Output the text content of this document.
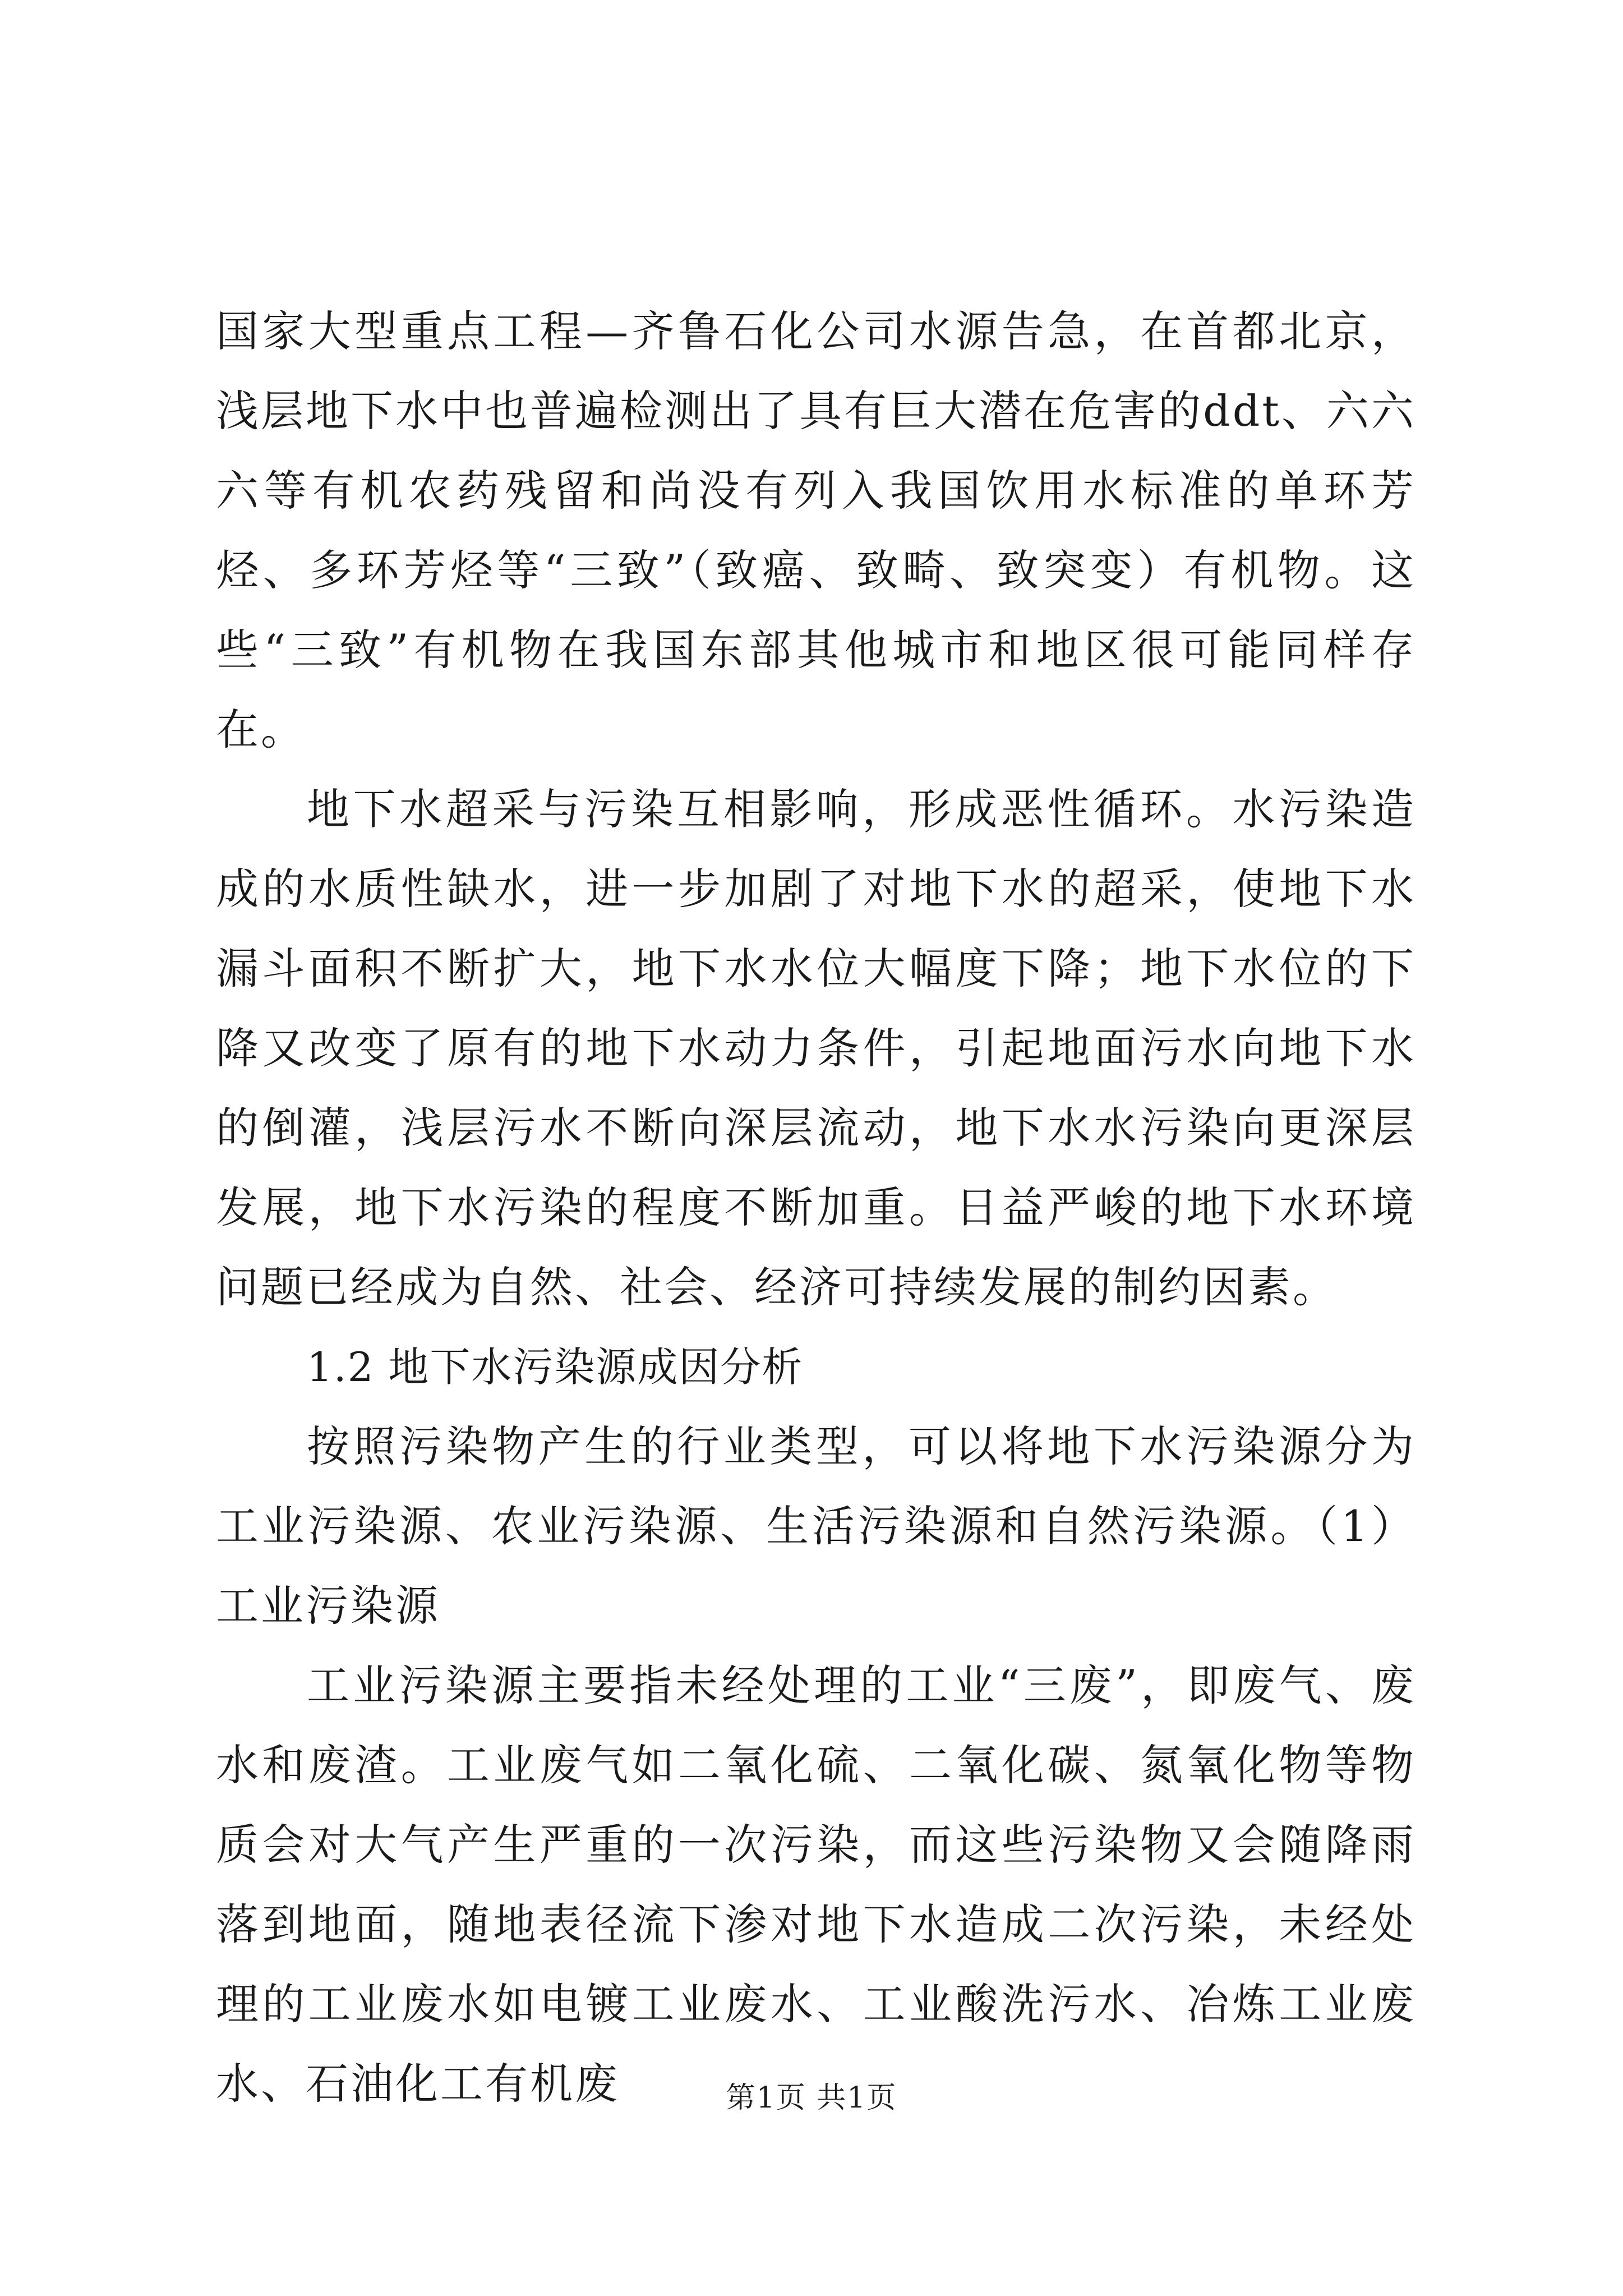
国家大型重点工程—齐鲁石化公司水源告急，在首都北京，浅层地下水中也普遍检测出了具有巨大潜在危害的ddt、六六六等有机农药残留和尚没有列入我国饮用水标准的单环芳烃、多环芳烃等“三致”（致癌、致畸、致突变）有机物。这些“三致”有机物在我国东部其他城市和地区很可能同样存在。

地下水超采与污染互相影响，形成恶性循环。水污染造成的水质性缺水，进一步加剧了对地下水的超采，使地下水漏斗面积不断扩大，地下水水位大幅度下降；地下水位的下降又改变了原有的地下水动力条件，引起地面污水向地下水的倒灌，浅层污水不断向深层流动，地下水水污染向更深层发展，地下水污染的程度不断加重。日益严峻的地下水环境问题已经成为自然、社会、经济可持续发展的制约因素。

1.2 地下水污染源成因分析

按照污染物产生的行业类型，可以将地下水污染源分为工业污染源、农业污染源、生活污染源和自然污染源。（1）工业污染源

工业污染源主要指未经处理的工业“三废”，即废气、废水和废渣。工业废气如二氧化硫、二氧化碳、氮氧化物等物质会对大气产生严重的一次污染，而这些污染物又会随降雨落到地面，随地表径流下渗对地下水造成二次污染，未经处理的工业废水如电镀工业废水、工业酸洗污水、冶炼工业废水、石油化工有机废	第1页 共1页
